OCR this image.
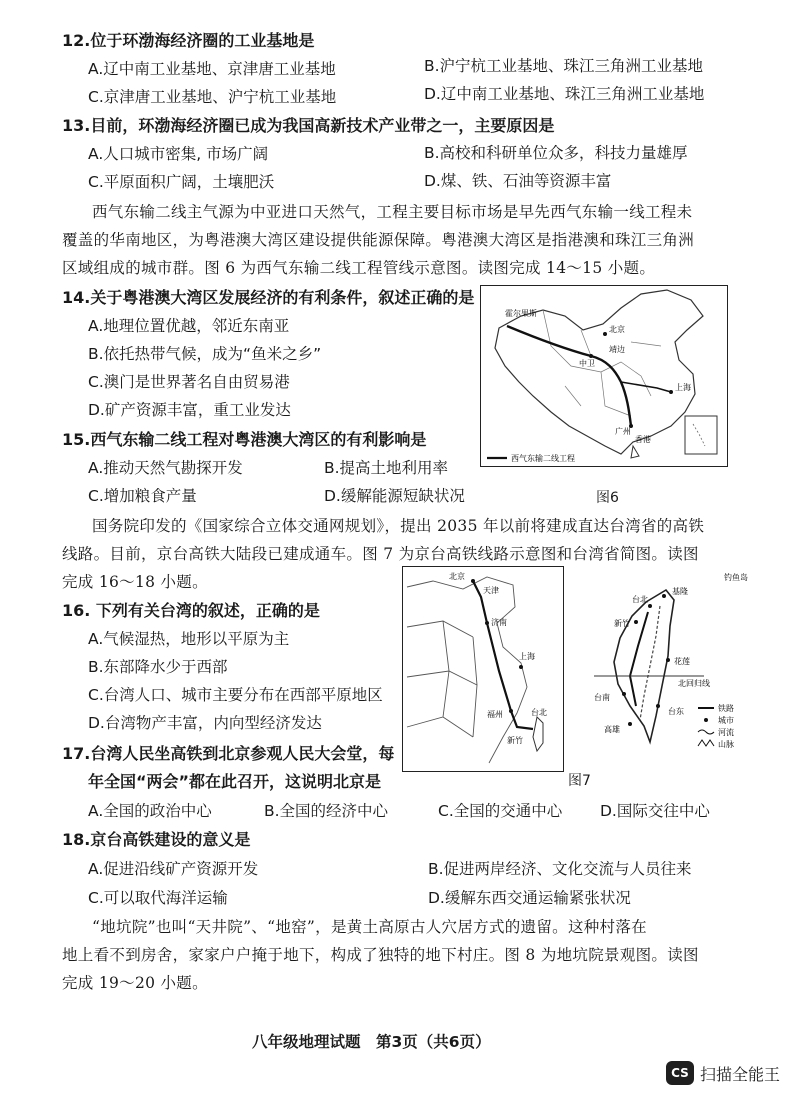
12.位于环渤海经济圈的工业基地是
A.辽中南工业基地、京津唐工业基地	B.沪宁杭工业基地、珠江三角洲工业基地
C.京津唐工业基地、沪宁杭工业基地	D.辽中南工业基地、珠江三角洲工业基地
13.目前，环渤海经济圈已成为我国高新技术产业带之一，主要原因是
A.人口城市密集, 市场广阔	B.高校和科研单位众多，科技力量雄厚
C.平原面积广阔，土壤肥沃	D.煤、铁、石油等资源丰富
西气东输二线主气源为中亚进口天然气，工程主要目标市场是早先西气东输一线工程未
覆盖的华南地区，为粤港澳大湾区建设提供能源保障。粤港澳大湾区是指港澳和珠江三角洲
区域组成的城市群。图 6 为西气东输二线工程管线示意图。读图完成 14～15 小题。
14.关于粤港澳大湾区发展经济的有利条件，叙述正确的是
A.地理位置优越，邻近东南亚
B.依托热带气候，成为“鱼米之乡”
C.澳门是世界著名自由贸易港
D.矿产资源丰富，重工业发达
15.西气东输二线工程对粤港澳大湾区的有利影响是
A.推动天然气勘探开发	B.提高土地利用率
C.增加粮食产量	D.缓解能源短缺状况
霍尔果斯
中卫
靖边
北京
上海
广州
香港
西气东输二线工程
图6
国务院印发的《国家综合立体交通网规划》，提出 2035 年以前将建成直达台湾省的高铁
线路。目前，京台高铁大陆段已建成通车。图 7 为京台高铁线路示意图和台湾省简图。读图
完成 16～18 小题。	北京
天津
济南
上海
福州	台北
新竹
图7
钓鱼岛
台北
基隆
新竹
花莲
北回归线
台南
台东
高雄
铁路
城市
河流
山脉
16. 下列有关台湾的叙述，正确的是
A.气候湿热，地形以平原为主
B.东部降水少于西部
C.台湾人口、城市主要分布在西部平原地区
D.台湾物产丰富，内向型经济发达
17.台湾人民坐高铁到北京参观人民大会堂，每
年全国“两会”都在此召开，这说明北京是
A.全国的政治中心	B.全国的经济中心	C.全国的交通中心 D.国际交往中心
18.京台高铁建设的意义是
A.促进沿线矿产资源开发	B.促进两岸经济、文化交流与人员往来
C.可以取代海洋运输	D.缓解东西交通运输紧张状况
“地坑院”也叫“天井院”、“地窑”，是黄土高原古人穴居方式的遗留。这种村落在
地上看不到房舍，家家户户掩于地下，构成了独特的地下村庄。图 8 为地坑院景观图。读图
完成 19～20 小题。
八年级地理试题　第3页（共6页）
CS 扫描全能王
